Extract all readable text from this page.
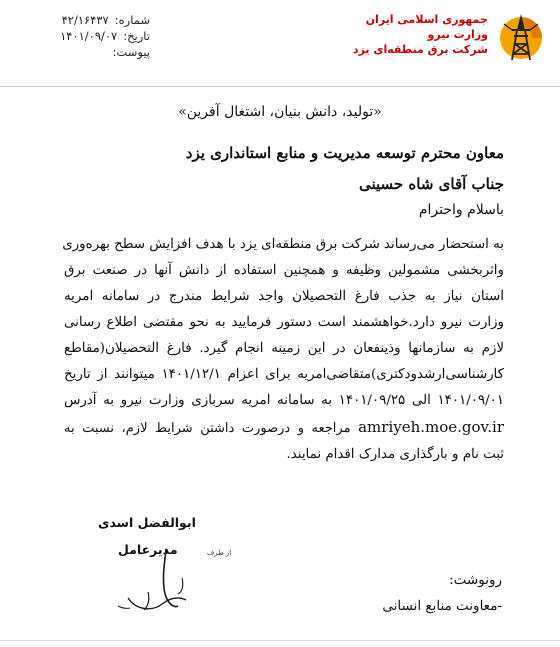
جمهوری اسلامی ایران
وزارت نیرو
شرکت برق منطقه‌ای یزد
شماره:۴۲/۱۶۴۳۷
تاریخ:۱۴۰۱/۰۹/۰۷
پیوست:
«تولید، دانش بنیان، اشتغال آفرین»
معاون محترم توسعه مدیریت و منابع استانداری یزد
جناب آقای شاه حسینی
باسلام واحترام
به استحضار می‌رساند شرکت برق منطقه‌ای یزد با هدف افزایش سطح بهره‌وری
واثربخشی مشمولین وظیفه و همچنین استفاده از دانش آنها در صنعت برق
استان نیاز به جذب فارغ التحصیلان واجد شرایط مندرج در سامانه امریه
وزارت نیرو دارد.خواهشمند است دستور فرمایید به نحو مقتضی اطلاع رسانی
لازم به سازمانها وذینفعان در این زمینه انجام گیرد. فارغ التحصیلان(مقاطع
کارشناسی‌ارشدودکتری)متقاضی‌امریه برای اعزام ۱۴۰۱/۱۲/۱ میتوانند از تاریخ
۱۴۰۱/۰۹/۰۱ الی ۱۴۰۱/۰۹/۲۵ به سامانه امریه سربازی وزارت نیرو به آدرس
amriyeh.moe.gov.ir مراجعه و درصورت داشتن شرایط لازم، نسبت به
ثبت نام و بارگذاری مدارک اقدام نمایند.
ابوالفضل اسدی
مدیرعامل	از طرف
رونوشت:
-معاونت منابع انسانی
